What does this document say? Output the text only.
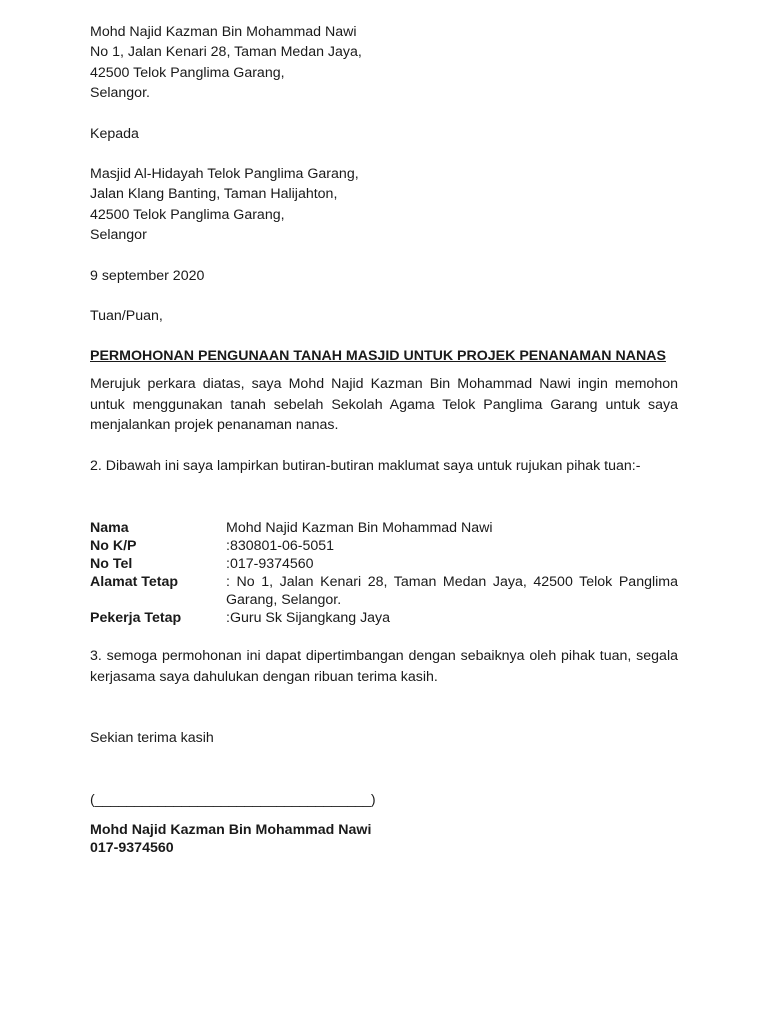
Mohd Najid Kazman Bin Mohammad Nawi
No 1, Jalan Kenari 28, Taman Medan Jaya,
42500 Telok Panglima Garang,
Selangor.
Kepada
Masjid Al-Hidayah Telok Panglima Garang,
Jalan Klang Banting, Taman Halijahton,
42500 Telok Panglima Garang,
Selangor
9 september 2020
Tuan/Puan,
PERMOHONAN PENGUNAAN TANAH MASJID UNTUK PROJEK PENANAMAN NANAS
Merujuk perkara diatas, saya Mohd Najid Kazman Bin Mohammad Nawi ingin memohon untuk menggunakan tanah sebelah Sekolah Agama Telok Panglima Garang untuk saya menjalankan projek penanaman nanas.
2. Dibawah ini saya lampirkan butiran-butiran maklumat saya untuk rujukan pihak tuan:-
Nama	Mohd Najid Kazman Bin Mohammad Nawi
No K/P	:830801-06-5051
No Tel	:017-9374560
Alamat Tetap	: No 1, Jalan Kenari 28, Taman Medan Jaya, 42500 Telok Panglima Garang, Selangor.
Pekerja Tetap	:Guru Sk Sijangkang Jaya
3. semoga permohonan ini dapat dipertimbangan dengan sebaiknya oleh pihak tuan, segala kerjasama saya dahulukan dengan ribuan terima kasih.
Sekian terima kasih
(___________________________________)
Mohd Najid Kazman Bin Mohammad Nawi
017-9374560
